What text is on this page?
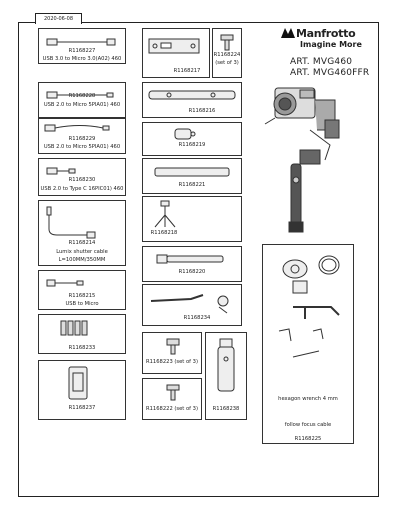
2020-06-08
Manfrotto
Imagine More
ART. MVG460
ART. MVG460FFR
R1168227
USB 3.0 to Micro 3.0(A02) 460
R1168228
USB 2.0 to Micro 5PIA01) 460
R1168229
USB 2.0 to Micro 5PIA01) 460
R1168230
USB 2.0 to Type C 16PIC01) 460
R1168214
Lumix shutter cable
L=100MM/350MM
R1168215
USB to Micro
R1168233
R1168237
R1168217
R1168224
(set of 3)
R1168216
R1168219
R1168221
R1168218
R1168220
R1168234
R1168223 (set of 3)
R1168222 (set of 3)	R1168238
hexagon wrench 4 mm
follow focus cable
R1168225
